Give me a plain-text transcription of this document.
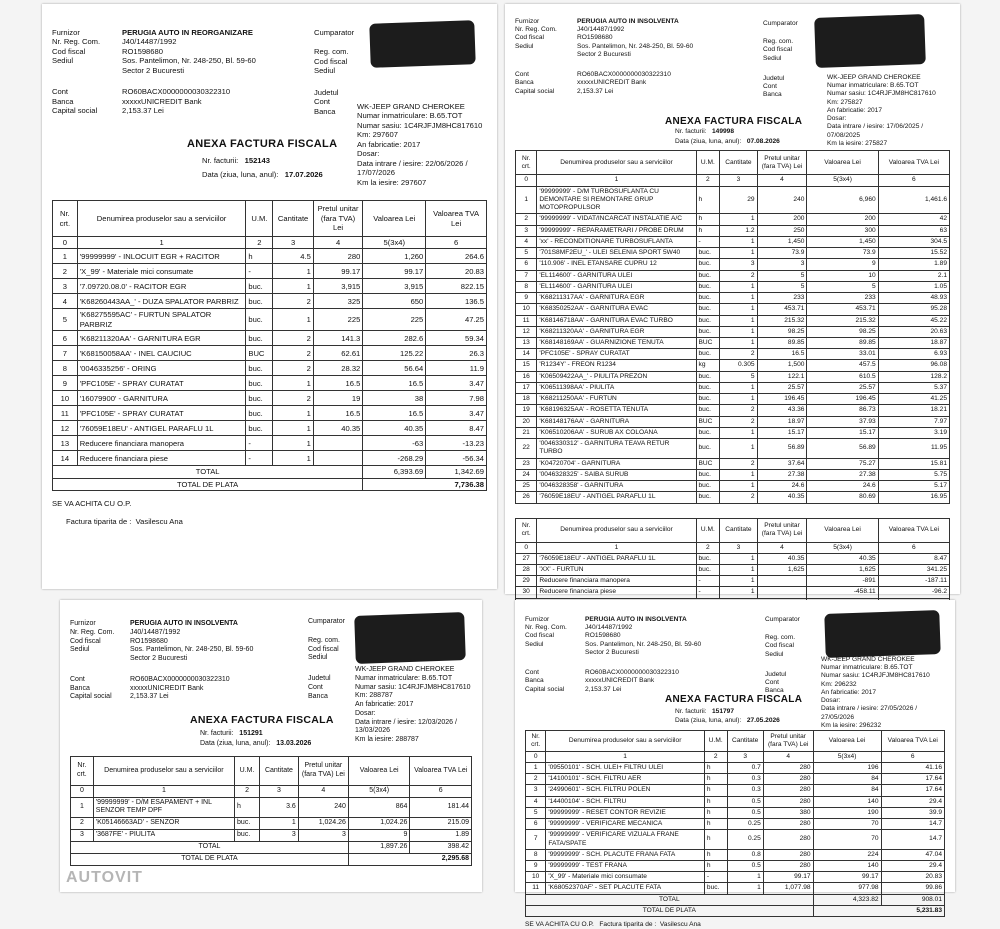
Furnizor	PERUGIA AUTO IN REORGANIZARE
Nr. Reg. Com.	J40/14487/1992
Cod fiscal	RO1598680
Sediul	Sos. Pantelimon, Nr. 248-250, Bl. 59-60
Sector 2 Bucuresti
Cont	RO60BACX0000000030322310
Banca	xxxxxUNICREDIT Bank
Capital social	2,153.37 Lei
Cumparator
Reg. com.
Cod fiscal
Sediul
Judetul
Cont
Banca
WK-JEEP GRAND CHEROKEE
Numar inmatriculare: B.65.TOT
Numar sasiu: 1C4RJFJM8HC817610
Km: 297607
An fabricatie: 2017
Dosar:
Data intrare / iesire: 22/06/2026 /
17/07/2026
Km la iesire: 297607
ANEXA FACTURA FISCALA
Nr. facturii: 152143
Data (ziua, luna, anul): 17.07.2026
Nr. crt.	Denumirea produselor sau a serviciilor	U.M.	Cantitate	Pretul unitar (fara TVA) Lei	Valoarea Lei	Valoarea TVA Lei
0	1	2	3	4	5(3x4)	6
1	'99999999' - INLOCUIT EGR + RACITOR	h	4.5	280	1,260	264.6
2	'X_99' - Materiale mici consumate	-	1	99.17	99.17	20.83
3	'7.09720.08.0' - RACITOR EGR	buc.	1	3,915	3,915	822.15
4	'K68260443AA_' - DUZA SPALATOR PARBRIZ	buc.	2	325	650	136.5
5	'K68275595AC' - FURTUN SPALATOR PARBRIZ	buc.	1	225	225	47.25
6	'K68211320AA' - GARNITURA EGR	buc.	2	141.3	282.6	59.34
7	'K68150058AA' - INEL CAUCIUC	BUC	2	62.61	125.22	26.3
8	'0046335256' - ORING	buc.	2	28.32	56.64	11.9
9	'PFC105E' - SPRAY CURATAT	buc.	1	16.5	16.5	3.47
10	'16079900' - GARNITURA	buc.	2	19	38	7.98
11	'PFC105E' - SPRAY CURATAT	buc.	1	16.5	16.5	3.47
12	'76059E18EU' - ANTIGEL PARAFLU 1L	buc.	1	40.35	40.35	8.47
13	Reducere financiara manopera	-	1		-63	-13.23
14	Reducere financiara piese	-	1		-268.29	-56.34
TOTAL					6,393.69	1,342.69
TOTAL DE PLATA					7,736.38	
SE VA ACHITA CU O.P.
Factura tiparita de : Vasilescu Ana
Furnizor	PERUGIA AUTO IN INSOLVENTA
Nr. Reg. Com.	J40/14487/1992
Cod fiscal	RO1598680
Sediul	Sos. Pantelimon, Nr. 248-250, Bl. 59-60
Sector 2 Bucuresti
Cont	RO60BACX0000000030322310
Banca	xxxxxUNICREDIT Bank
Capital social	2,153.37 Lei
Cumparator
Reg. com.
Cod fiscal
Sediul
Judetul
Cont
Banca
WK-JEEP GRAND CHEROKEE
Numar inmatriculare: B.65.TOT
Numar sasiu: 1C4RJFJM8HC817610
Km: 275827
An fabricatie: 2017
Dosar:
Data intrare / iesire: 17/06/2025 /
07/08/2025
Km la iesire: 275827
ANEXA FACTURA FISCALA
Nr. facturii: 149998
Data (ziua, luna, anul): 07.08.2026
Nr. crt.	Denumirea produselor sau a serviciilor	U.M.	Cantitate	Pretul unitar (fara TVA) Lei	Valoarea Lei	Valoarea TVA Lei
0	1	2	3	4	5(3x4)	6
1	'99999999' - D/M TURBOSUFLANTA CU DEMONTARE SI REMONTARE GRUP MOTOPROPULSOR	h	29	240	6,960	1,461.6
2	'99999999' - VIDAT/INCARCAT INSTALATIE A/C	h	1	200	200	42
3	'99999999' - REPARAMETRARI / PROBE DRUM	h	1.2	250	300	63
4	'xx' - RECONDITIONARE TURBOSUFLANTA	-	1	1,450	1,450	304.5
5	'701S8MF2EU_' - ULEI SELENIA SPORT 5W40	buc.	1	73.9	73.9	15.52
6	'110.906' - INEL ETANSARE CUPRU 12	buc.	3	3	9	1.89
7	'EL114600' - GARNITURA ULEI	buc.	2	5	10	2.1
8	'EL114600' - GARNITURA ULEI	buc.	1	5	5	1.05
9	'K68211317AA' - GARNITURA EGR	buc.	1	233	233	48.93
10	'K68350252AA' - GARNITURA EVAC	buc.	1	453.71	453.71	95.28
11	'K68146718AA' - GARNITURA EVAC TURBO	buc.	1	215.32	215.32	45.22
12	'K68211320AA' - GARNITURA EGR	buc.	1	98.25	98.25	20.63
13	'K68148169AA' - GUARNIZIONE TENUTA	BUC	1	89.85	89.85	18.87
14	'PFC105E' - SPRAY CURATAT	buc.	2	16.5	33.01	6.93
15	'R1234Y' - FREON R1234	kg	0.305	1,500	457.5	96.08
16	'K06509422AA_' - PIULITA PREZON	buc.	5	122.1	610.5	128.2
17	'K06511398AA' - PIULITA	buc.	1	25.57	25.57	5.37
18	'K68211250AA' - FURTUN	buc.	1	196.45	196.45	41.25
19	'K68196325AA' - ROSETTA TENUTA	buc.	2	43.36	86.73	18.21
20	'K68148176AA' - GARNITURA	BUC	2	18.97	37.93	7.97
21	'K06510206AA' - SURUB AX COLOANA	buc.	1	15.17	15.17	3.19
22	'0046330312' - GARNITURA TEAVA RETUR TURBO	buc.	1	56.89	56.89	11.95
23	'K04720704' - GARNITURA	BUC	2	37.64	75.27	15.81
24	'0046328325' - SAIBA SURUB	buc.	1	27.38	27.38	5.75
25	'0046328358' - GARNITURA	buc.	1	24.6	24.6	5.17
26	'76059E18EU' - ANTIGEL PARAFLU 1L	buc.	2	40.35	80.69	16.95
Nr. crt.	Denumirea produselor sau a serviciilor	U.M.	Cantitate	Pretul unitar (fara TVA) Lei	Valoarea Lei	Valoarea TVA Lei
0	1	2	3	4	5(3x4)	6
27	'76059E18EU' - ANTIGEL PARAFLU 1L	buc.	1	40.35	40.35	8.47
28	'XX' - FURTUN	buc.	1	1,625	1,625	341.25
29	Reducere financiara manopera	-	1		-891	-187.11
30	Reducere financiara piese	-	1		-458.11	-96.2

Furnizor	PERUGIA AUTO IN INSOLVENTA
Nr. Reg. Com.	J40/14487/1992
Cod fiscal	RO1598680
Sediul	Sos. Pantelimon, Nr. 248-250, Bl. 59-60
Sector 2 Bucuresti
Cont	RO60BACX0000000030322310
Banca	xxxxxUNICREDIT Bank
Capital social	2,153.37 Lei
Cumparator
Reg. com.
Cod fiscal
Sediul
Judetul
Cont
Banca
WK-JEEP GRAND CHEROKEE
Numar inmatriculare: B.65.TOT
Numar sasiu: 1C4RJFJM8HC817610
Km: 288787
An fabricatie: 2017
Dosar:
Data intrare / iesire: 12/03/2026 /
13/03/2026
Km la iesire: 288787
ANEXA FACTURA FISCALA
Nr. facturii: 151291
Data (ziua, luna, anul): 13.03.2026
Nr. crt.	Denumirea produselor sau a serviciilor	U.M.	Cantitate	Pretul unitar (fara TVA) Lei	Valoarea Lei	Valoarea TVA Lei
0	1	2	3	4	5(3x4)	6
1	'99999999' - D/M ESAPAMENT + INL SENZOR TEMP DPF	h	3.6	240	864	181.44
2	'K05146663AD' - SENZOR	buc.	1	1,024.26	1,024.26	215.09
3	'3687FE' - PIULITA	buc.	3	3	9	1.89
TOTAL					1,897.26	398.42
TOTAL DE PLATA					2,295.68	
AUTOVIT
Furnizor	PERUGIA AUTO IN INSOLVENTA
Nr. Reg. Com.	J40/14487/1992
Cod fiscal	RO1598680
Sediul	Sos. Pantelimon, Nr. 248-250, Bl. 59-60
Sector 2 Bucuresti
Cont	RO60BACX0000000030322310
Banca	xxxxxUNICREDIT Bank
Capital social	2,153.37 Lei
Cumparator
Reg. com.
Cod fiscal
Sediul
Judetul
Cont
Banca
WK-JEEP GRAND CHEROKEE
Numar inmatriculare: B.65.TOT
Numar sasiu: 1C4RJFJM8HC817610
Km: 296232
An fabricatie: 2017
Dosar:
Data intrare / iesire: 27/05/2026 /
27/05/2026
Km la iesire: 296232
ANEXA FACTURA FISCALA
Nr. facturii: 151797
Data (ziua, luna, anul): 27.05.2026
Nr. crt.	Denumirea produselor sau a serviciilor	U.M.	Cantitate	Pretul unitar (fara TVA) Lei	Valoarea Lei	Valoarea TVA Lei
0	1	2	3	4	5(3x4)	6
1	'09550101' - SCH. ULEI+ FILTRU ULEI	h	0.7	280	196	41.16
2	'14100101' - SCH. FILTRU AER	h	0.3	280	84	17.64
3	'24990601' - SCH. FILTRU POLEN	h	0.3	280	84	17.64
4	'14400104' - SCH. FILTRU	h	0.5	280	140	29.4
5	'99999999' - RESET CONTOR REVIZIE	h	0.5	380	190	39.9
6	'99999999' - VERIFICARE MECANICA	h	0.25	280	70	14.7
7	'99999999' - VERIFICARE VIZUALA FRANE FATA/SPATE	h	0.25	280	70	14.7
8	'99999999' - SCH. PLACUTE FRANA FATA	h	0.8	280	224	47.04
9	'99999999' - TEST FRANA	h	0.5	280	140	29.4
10	'X_99' - Materiale mici consumate	-	1	99.17	99.17	20.83
11	'K68052370AF' - SET PLACUTE FATA	buc.	1	1,077.98	977.98	99.86
TOTAL					4,323.82	908.01
TOTAL DE PLATA					5,231.83	
SE VA ACHITA CU O.P. Factura tiparita de : Vasilescu Ana
